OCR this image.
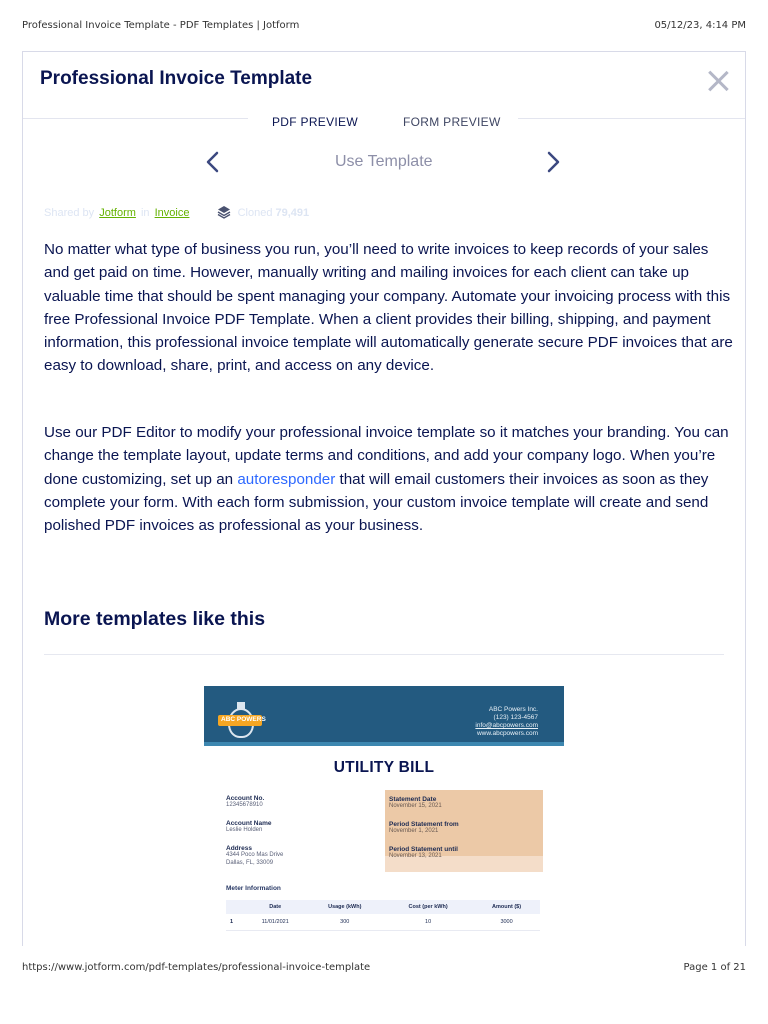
Professional Invoice Template - PDF Templates | Jotform	05/12/23, 4:14 PM
Professional Invoice Template
PDF PREVIEW	FORM PREVIEW
Use Template
Shared by Jotform in Invoice	Cloned 79,491

No matter what type of business you run, you’ll need to write invoices to keep records of your sales and get paid on time. However, manually writing and mailing invoices for each client can take up valuable time that should be spent managing your company. Automate your invoicing process with this free Professional Invoice PDF Template. When a client provides their billing, shipping, and payment information, this professional invoice template will automatically generate secure PDF invoices that are easy to download, share, print, and access on any device.

Use our PDF Editor to modify your professional invoice template so it matches your branding. You can change the template layout, update terms and conditions, and add your company logo. When you’re done customizing, set up an autoresponder that will email customers their invoices as soon as they complete your form. With each form submission, your custom invoice template will create and send polished PDF invoices as professional as your business.

More templates like this
ABC POWERS
ABC Powers Inc.
(123) 123-4567
info@abcpowers.com
www.abcpowers.com
UTILITY BILL
Account No.
12345678910
Account Name
Leslie Holden
Address
4344 Poco Mas Drive
Dallas, FL, 33009
Statement Date
November 15, 2021
Period Statement from
November 1, 2021
Period Statement until
November 13, 2021
Meter Information
	Date	Usage (kWh)	Cost (per kWh)	Amount ($)
1	11/01/2021	300	10	3000
https://www.jotform.com/pdf-templates/professional-invoice-template	Page 1 of 21
